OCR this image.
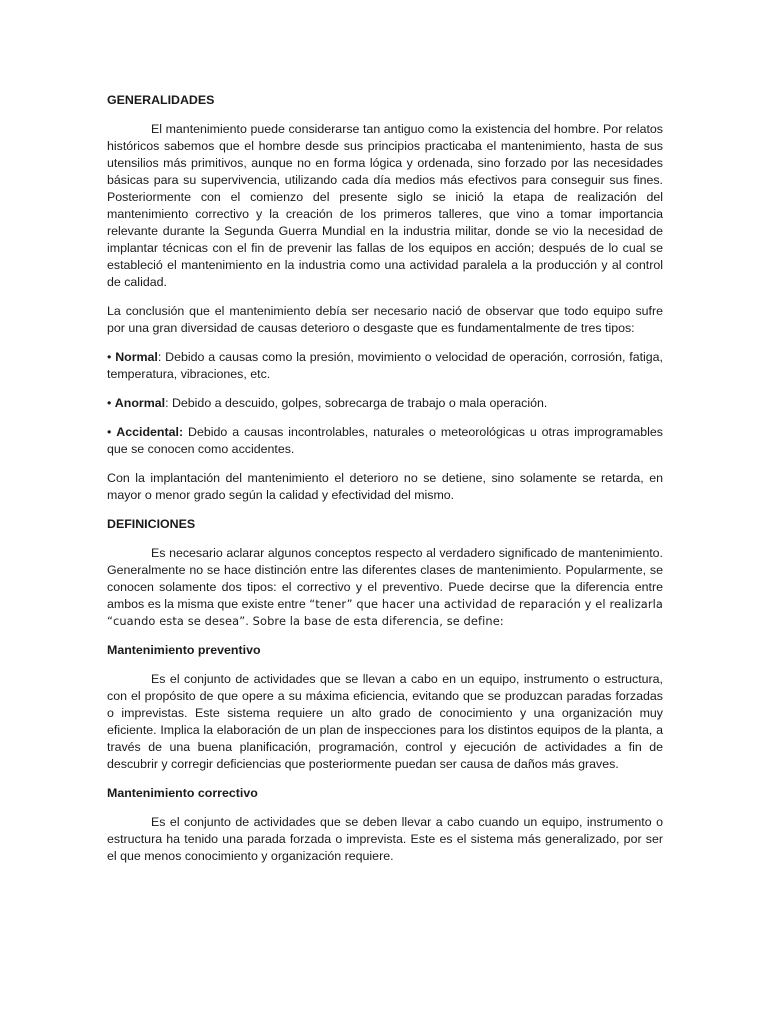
GENERALIDADES

El mantenimiento puede considerarse tan antiguo como la existencia del hombre. Por relatos históricos sabemos que el hombre desde sus principios practicaba el mantenimiento, hasta de sus utensilios más primitivos, aunque no en forma lógica y ordenada, sino forzado por las necesidades básicas para su supervivencia, utilizando cada día medios más efectivos para conseguir sus fines. Posteriormente con el comienzo del presente siglo se inició la etapa de realización del mantenimiento correctivo y la creación de los primeros talleres, que vino a tomar importancia relevante durante la Segunda Guerra Mundial en la industria militar, donde se vio la necesidad de implantar técnicas con el fin de prevenir las fallas de los equipos en acción; después de lo cual se estableció el mantenimiento en la industria como una actividad paralela a la producción y al control de calidad.

La conclusión que el mantenimiento debía ser necesario nació de observar que todo equipo sufre por una gran diversidad de causas deterioro o desgaste que es fundamentalmente de tres tipos:

• Normal: Debido a causas como la presión, movimiento o velocidad de operación, corrosión, fatiga, temperatura, vibraciones, etc.

• Anormal: Debido a descuido, golpes, sobrecarga de trabajo o mala operación.

• Accidental: Debido a causas incontrolables, naturales o meteorológicas u otras improgramables que se conocen como accidentes.

Con la implantación del mantenimiento el deterioro no se detiene, sino solamente se retarda, en mayor o menor grado según la calidad y efectividad del mismo.

DEFINICIONES

Es necesario aclarar algunos conceptos respecto al verdadero significado de mantenimiento. Generalmente no se hace distinción entre las diferentes clases de mantenimiento. Popularmente, se conocen solamente dos tipos: el correctivo y el preventivo. Puede decirse que la diferencia entre ambos es la misma que existe entre “tener” que hacer una actividad de reparación y el realizarla “cuando esta se desea”. Sobre la base de esta diferencia, se define:

Mantenimiento preventivo

Es el conjunto de actividades que se llevan a cabo en un equipo, instrumento o estructura, con el propósito de que opere a su máxima eficiencia, evitando que se produzcan paradas forzadas o imprevistas. Este sistema requiere un alto grado de conocimiento y una organización muy eficiente. Implica la elaboración de un plan de inspecciones para los distintos equipos de la planta, a través de una buena planificación, programación, control y ejecución de actividades a fin de descubrir y corregir deficiencias que posteriormente puedan ser causa de daños más graves.

Mantenimiento correctivo

Es el conjunto de actividades que se deben llevar a cabo cuando un equipo, instrumento o estructura ha tenido una parada forzada o imprevista. Este es el sistema más generalizado, por ser el que menos conocimiento y organización requiere.
